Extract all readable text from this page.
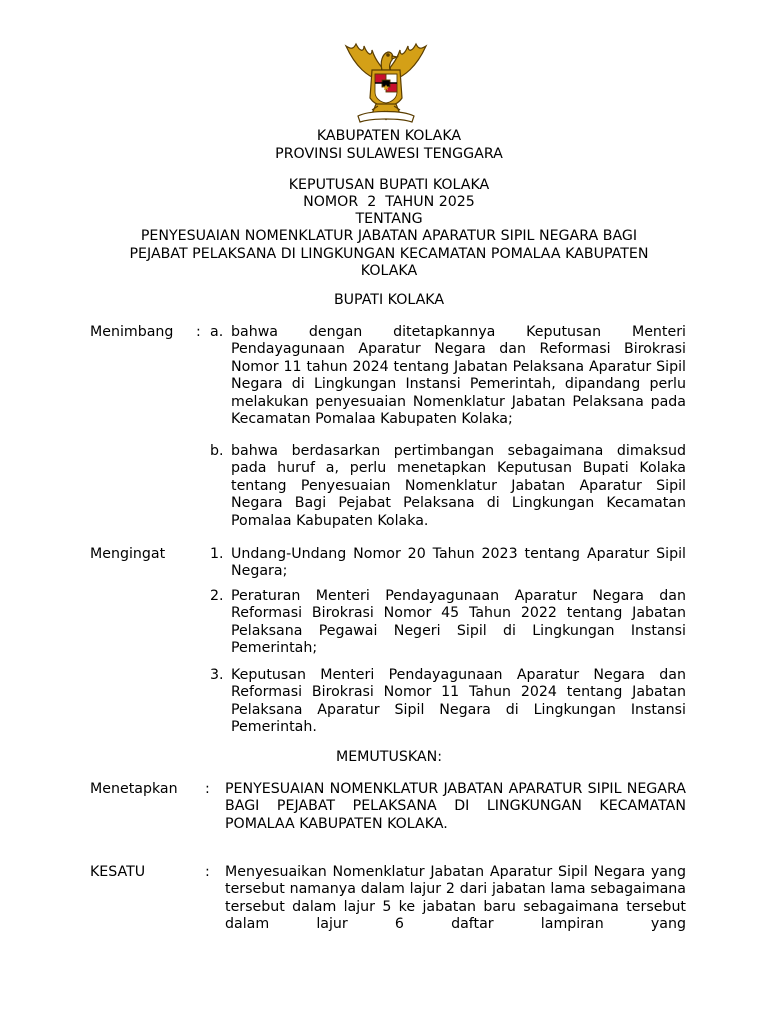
KABUPATEN KOLAKA
PROVINSI SULAWESI TENGGARA
KEPUTUSAN BUPATI KOLAKA
NOMOR  2  TAHUN 2025
TENTANG
PENYESUAIAN NOMENKLATUR JABATAN APARATUR SIPIL NEGARA BAGI
PEJABAT PELAKSANA DI LINGKUNGAN KECAMATAN POMALAA KABUPATEN
KOLAKA
BUPATI KOLAKA
Menimbang : a. bahwa dengan ditetapkannya Keputusan Menteri Pendayagunaan Aparatur Negara dan Reformasi Birokrasi Nomor 11 tahun 2024 tentang Jabatan Pelaksana Aparatur Sipil Negara di Lingkungan Instansi Pemerintah, dipandang perlu melakukan penyesuaian Nomenklatur Jabatan Pelaksana pada Kecamatan Pomalaa Kabupaten Kolaka;
b. bahwa berdasarkan pertimbangan sebagaimana dimaksud pada huruf a, perlu menetapkan Keputusan Bupati Kolaka tentang Penyesuaian Nomenklatur Jabatan Aparatur Sipil Negara Bagi Pejabat Pelaksana di Lingkungan Kecamatan Pomalaa Kabupaten Kolaka.
Mengingat	1. Undang-Undang Nomor 20 Tahun 2023 tentang Aparatur Sipil Negara;
2. Peraturan Menteri Pendayagunaan Aparatur Negara dan Reformasi Birokrasi Nomor 45 Tahun 2022 tentang Jabatan Pelaksana Pegawai Negeri Sipil di Lingkungan Instansi Pemerintah;
3. Keputusan Menteri Pendayagunaan Aparatur Negara dan Reformasi Birokrasi Nomor 11 Tahun 2024 tentang Jabatan Pelaksana Aparatur Sipil Negara di Lingkungan Instansi Pemerintah.
MEMUTUSKAN:
Menetapkan : PENYESUAIAN NOMENKLATUR JABATAN APARATUR SIPIL NEGARA BAGI PEJABAT PELAKSANA DI LINGKUNGAN KECAMATAN POMALAA KABUPATEN KOLAKA.
KESATU	: Menyesuaikan Nomenklatur Jabatan Aparatur Sipil Negara yang tersebut namanya dalam lajur 2 dari jabatan lama sebagaimana tersebut dalam lajur 5 ke jabatan baru sebagaimana tersebut dalam lajur 6 daftar lampiran yang
